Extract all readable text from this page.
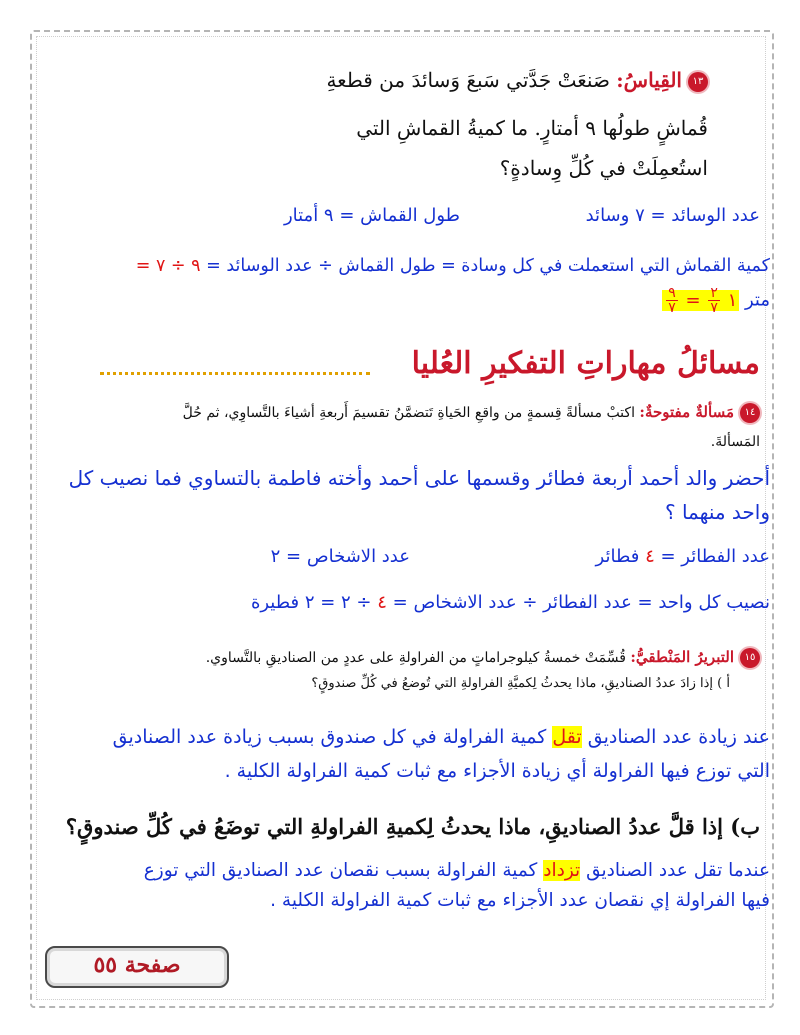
١٣القِياسُ: صَنعَتْ جَدَّتي سَبعَ وَسائدَ من قطعةِ
قُماشٍ طولُها ٩ أمتارٍ. ما كميةُ القماشِ التي
استُعمِلَتْ في كُلِّ وِسادةٍ؟
عدد الوسائد = ٧ وسائد
طول القماش = ٩ أمتار
كمية القماش التي استعملت في كل وسادة = طول القماش ÷ عدد الوسائد = ٩ ÷ ٧ =
متر ١
٢
٧
=
٩
٧
مسائلُ مهاراتِ التفكيرِ العُليا
١٤مَسألةٌ مفتوحةٌ: اكتبْ مسألةً قِسمةٍ من واقعِ الحَياةِ تَتضمَّنُ تقسيمَ أَربعةِ أشياءَ بالتَّساوِي، ثم حُلَّ
المَسألةَ.
أحضر والد أحمد أربعة فطائر وقسمها على أحمد وأخته فاطمة بالتساوي فما نصيب كل
واحد منهما ؟
عدد الفطائر = ٤ فطائر
عدد الاشخاص = ٢
نصيب كل واحد = عدد الفطائر ÷ عدد الاشخاص = ٤ ÷ ٢ = ٢ فطيرة
١٥التبريرُ المَنْطقيُّ: قُسِّمَتْ خمسةُ كيلوجراماتٍ من الفراولةِ على عددٍ من الصناديقِ بالتَّساوي.
أ ) إذا زادَ عددُ الصناديقِ، ماذا يحدثُ لِكميَّةِ الفراولةِ التي تُوضعُ في كُلِّ صندوقٍ؟
عند زيادة عدد الصناديق تقل كمية الفراولة في كل صندوق بسبب زيادة عدد الصناديق
التي توزع فيها الفراولة أي زيادة الأجزاء مع ثبات كمية الفراولة الكلية .
ب) إذا قلَّ عددُ الصناديقِ، ماذا يحدثُ لِكميةِ الفراولةِ التي توضَعُ في كُلِّ صندوقٍ؟
عندما تقل عدد الصناديق تزداد كمية الفراولة بسبب نقصان عدد الصناديق التي توزع
فيها الفراولة إي نقصان عدد الأجزاء مع ثبات كمية الفراولة الكلية .
صفحة ٥٥
